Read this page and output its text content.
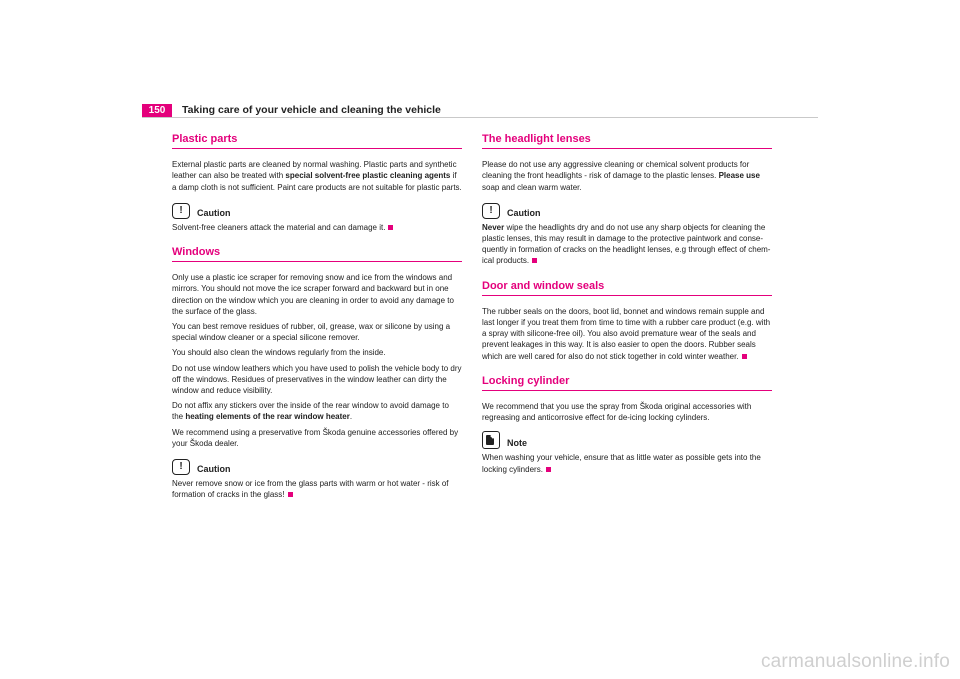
150	Taking care of your vehicle and cleaning the vehicle
Plastic parts

External plastic parts are cleaned by normal washing. Plastic parts and synthetic leather can also be treated with special solvent-free plastic cleaning agents if a damp cloth is not sufficient. Paint care products are not suitable for plastic parts.

!	Caution

Solvent-free cleaners attack the material and can damage it.

Windows

Only use a plastic ice scraper for removing snow and ice from the windows and mirrors. You should not move the ice scraper forward and backward but in one direction on the window which you are cleaning in order to avoid any damage to the surface of the glass.

You can best remove residues of rubber, oil, grease, wax or silicone by using a special window cleaner or a special silicone remover.

You should also clean the windows regularly from the inside.

Do not use window leathers which you have used to polish the vehicle body to dry off the windows. Residues of preservatives in the window leather can dirty the window and reduce visibility.

Do not affix any stickers over the inside of the rear window to avoid damage to the heating elements of the rear window heater.

We recommend using a preservative from Škoda genuine accessories offered by your Škoda dealer.

!	Caution

Never remove snow or ice from the glass parts with warm or hot water - risk of formation of cracks in the glass!

The headlight lenses

Please do not use any aggressive cleaning or chemical solvent products for cleaning the front headlights - risk of damage to the plastic lenses. Please use soap and clean warm water.

!	Caution

Never wipe the headlights dry and do not use any sharp objects for cleaning the plastic lenses, this may result in damage to the protective paintwork and conse-quently in formation of cracks on the headlight lenses, e.g through effect of chem-ical products.

Door and window seals

The rubber seals on the doors, boot lid, bonnet and windows remain supple and last longer if you treat them from time to time with a rubber care product (e.g. with a spray with silicone-free oil). You also avoid premature wear of the seals and prevent leakages in this way. It is also easier to open the doors. Rubber seals which are well cared for also do not stick together in cold winter weather.

Locking cylinder

We recommend that you use the spray from Škoda original accessories with regreasing and anticorrosive effect for de-icing locking cylinders.

Note

When washing your vehicle, ensure that as little water as possible gets into the locking cylinders.

carmanualsonline.info
